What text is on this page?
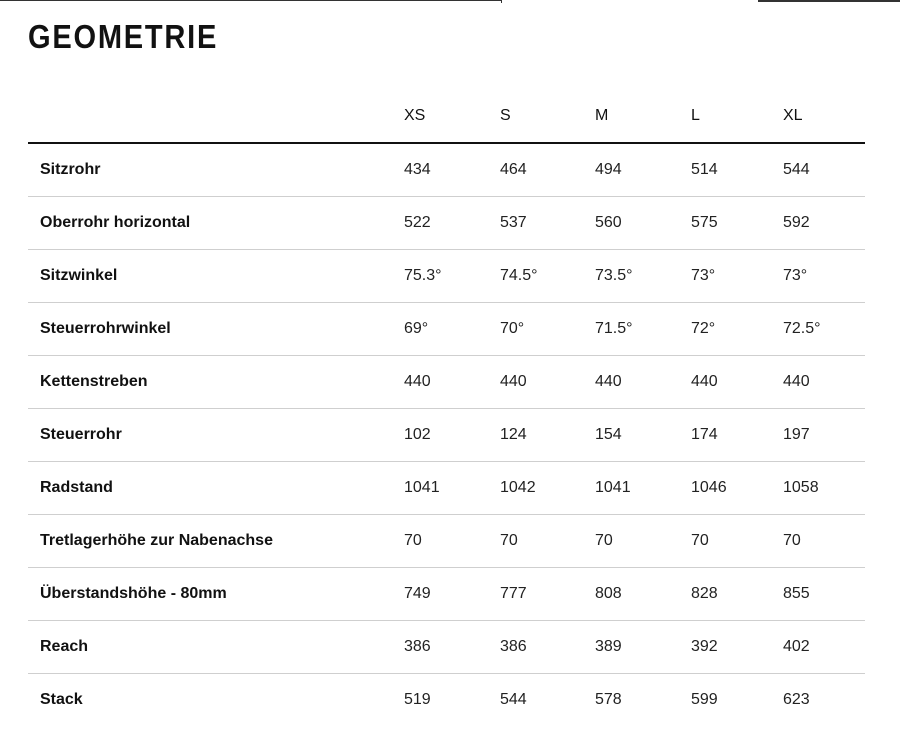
GEOMETRIE
	XS	S	M	L	XL
Sitzrohr	434	464	494	514	544
Oberrohr horizontal	522	537	560	575	592
Sitzwinkel	75.3°	74.5°	73.5°	73°	73°
Steuerrohrwinkel	69°	70°	71.5°	72°	72.5°
Kettenstreben	440	440	440	440	440
Steuerrohr	102	124	154	174	197
Radstand	1041	1042	1041	1046	1058
Tretlagerhöhe zur Nabenachse	70	70	70	70	70
Überstandshöhe - 80mm	749	777	808	828	855
Reach	386	386	389	392	402
Stack	519	544	578	599	623
